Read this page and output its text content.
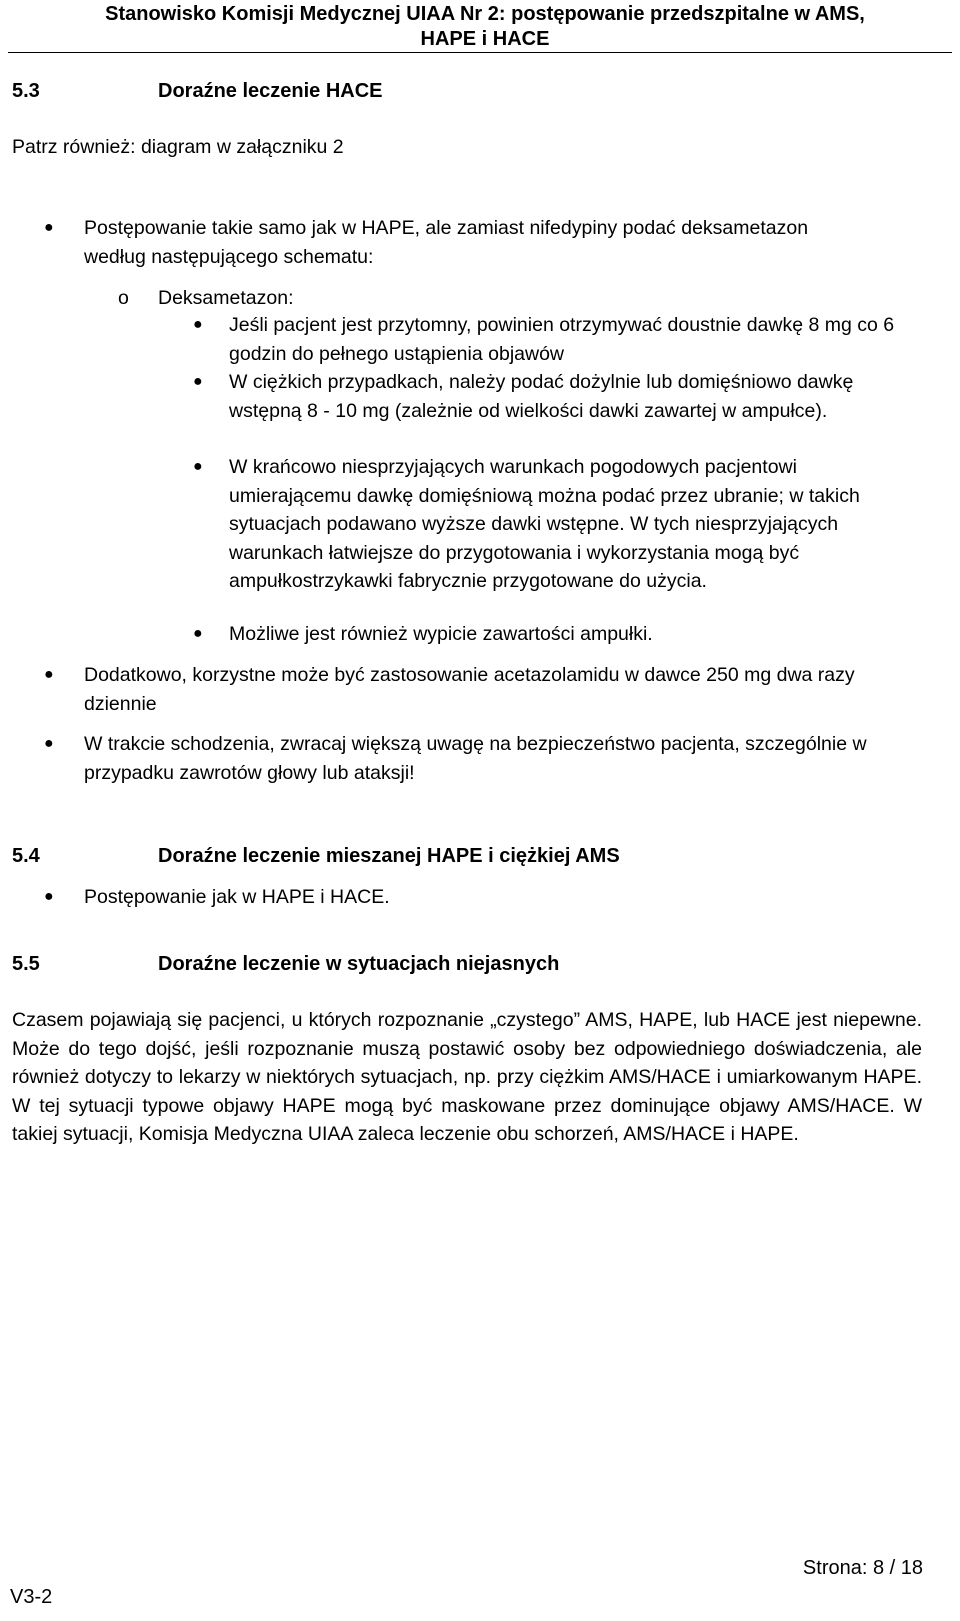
Stanowisko Komisji Medycznej UIAA Nr 2: postępowanie przedszpitalne w AMS,
HAPE i HACE
5.3	Doraźne leczenie HACE
Patrz również: diagram w załączniku 2
● Postępowanie takie samo jak w HAPE, ale zamiast nifedypiny podać deksametazon według następującego schematu:
o Deksametazon:
● Jeśli pacjent jest przytomny, powinien otrzymywać doustnie dawkę 8 mg co 6 godzin do pełnego ustąpienia objawów
● W ciężkich przypadkach, należy podać dożylnie lub domięśniowo dawkę wstępną 8 - 10 mg (zależnie od wielkości dawki zawartej w ampułce).
● W krańcowo niesprzyjających warunkach pogodowych pacjentowi umierającemu dawkę domięśniową można podać przez ubranie; w takich sytuacjach podawano wyższe dawki wstępne. W tych niesprzyjających warunkach łatwiejsze do przygotowania i wykorzystania mogą być ampułkostrzykawki fabrycznie przygotowane do użycia.
● Możliwe jest również wypicie zawartości ampułki.
● Dodatkowo, korzystne może być zastosowanie acetazolamidu w dawce 250 mg dwa razy dziennie
● W trakcie schodzenia, zwracaj większą uwagę na bezpieczeństwo pacjenta, szczególnie w przypadku zawrotów głowy lub ataksji!
5.4	Doraźne leczenie mieszanej HAPE i ciężkiej AMS
● Postępowanie jak w HAPE i HACE.
5.5	Doraźne leczenie w sytuacjach niejasnych
Czasem pojawiają się pacjenci, u których rozpoznanie „czystego” AMS, HAPE, lub HACE jest niepewne. Może do tego dojść, jeśli rozpoznanie muszą postawić osoby bez odpowiedniego doświadczenia, ale również dotyczy to lekarzy w niektórych sytuacjach, np. przy ciężkim AMS/HACE i umiarkowanym HAPE. W tej sytuacji typowe objawy HAPE mogą być maskowane przez dominujące objawy AMS/HACE. W takiej sytuacji, Komisja Medyczna UIAA zaleca leczenie obu schorzeń, AMS/HACE i HAPE.
Strona: 8 / 18
V3-2
